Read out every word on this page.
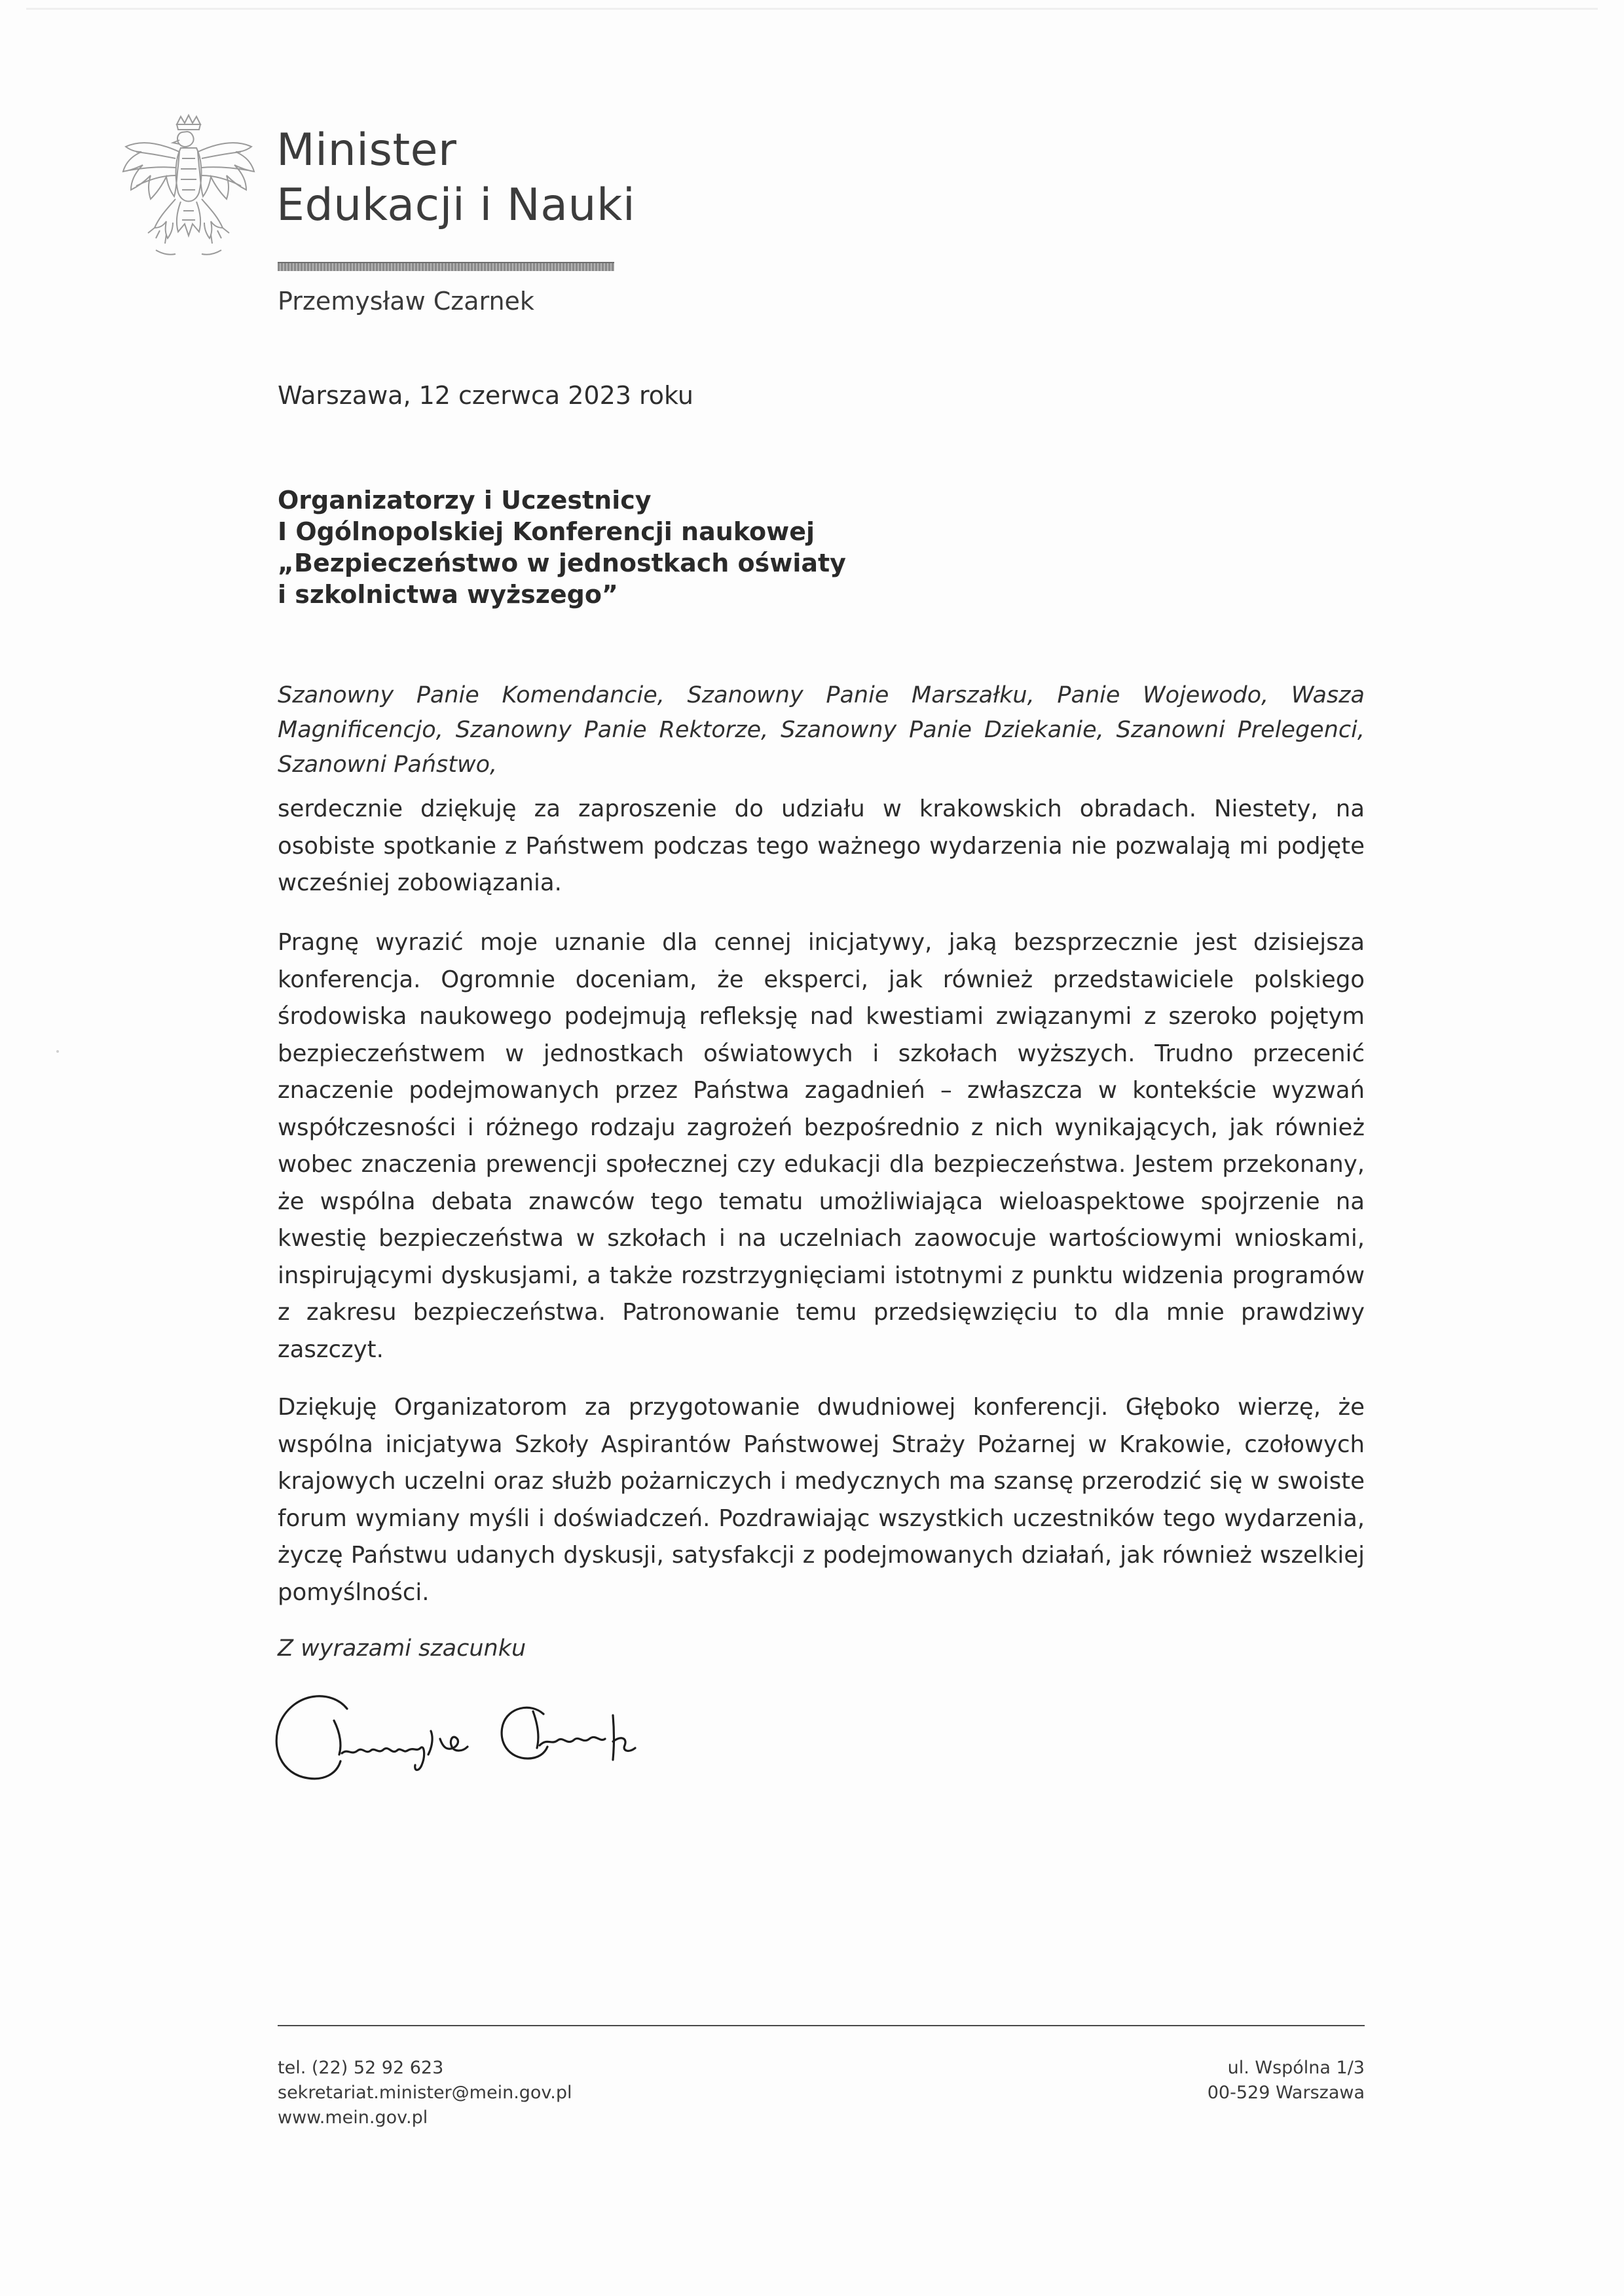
Minister
Edukacji i Nauki
Przemysław Czarnek
Warszawa, 12 czerwca 2023 roku
Organizatorzy i Uczestnicy
I Ogólnopolskiej Konferencji naukowej
„Bezpieczeństwo w jednostkach oświaty
i szkolnictwa wyższego”
Szanowny Panie Komendancie, Szanowny Panie Marszałku, Panie Wojewodo, Wasza Magnificencjo, Szanowny Panie Rektorze, Szanowny Panie Dziekanie, Szanowni Prelegenci, Szanowni Państwo,

serdecznie dziękuję za zaproszenie do udziału w krakowskich obradach. Niestety, na osobiste spotkanie z Państwem podczas tego ważnego wydarzenia nie pozwalają mi podjęte wcześniej zobowiązania.

Pragnę wyrazić moje uznanie dla cennej inicjatywy, jaką bezsprzecznie jest dzisiejsza konferencja. Ogromnie doceniam, że eksperci, jak również przedstawiciele polskiego środowiska naukowego podejmują refleksję nad kwestiami związanymi z szeroko pojętym bezpieczeństwem w jednostkach oświatowych i szkołach wyższych. Trudno przecenić znaczenie podejmowanych przez Państwa zagadnień – zwłaszcza w kontekście wyzwań współczesności i różnego rodzaju zagrożeń bezpośrednio z nich wynikających, jak również wobec znaczenia prewencji społecznej czy edukacji dla bezpieczeństwa. Jestem przekonany, że wspólna debata znawców tego tematu umożliwiająca wieloaspektowe spojrzenie na kwestię bezpieczeństwa w szkołach i na uczelniach zaowocuje wartościowymi wnioskami, inspirującymi dyskusjami, a także rozstrzygnięciami istotnymi z punktu widzenia programów z zakresu bezpieczeństwa. Patronowanie temu przedsięwzięciu to dla mnie prawdziwy zaszczyt.

Dziękuję Organizatorom za przygotowanie dwudniowej konferencji. Głęboko wierzę, że wspólna inicjatywa Szkoły Aspirantów Państwowej Straży Pożarnej w Krakowie, czołowych krajowych uczelni oraz służb pożarniczych i medycznych ma szansę przerodzić się w swoiste forum wymiany myśli i doświadczeń. Pozdrawiając wszystkich uczestników tego wydarzenia, życzę Państwu udanych dyskusji, satysfakcji z podejmowanych działań, jak również wszelkiej pomyślności.

Z wyrazami szacunku
tel. (22) 52 92 623
sekretariat.minister@mein.gov.pl
www.mein.gov.pl
ul. Wspólna 1/3
00-529 Warszawa
